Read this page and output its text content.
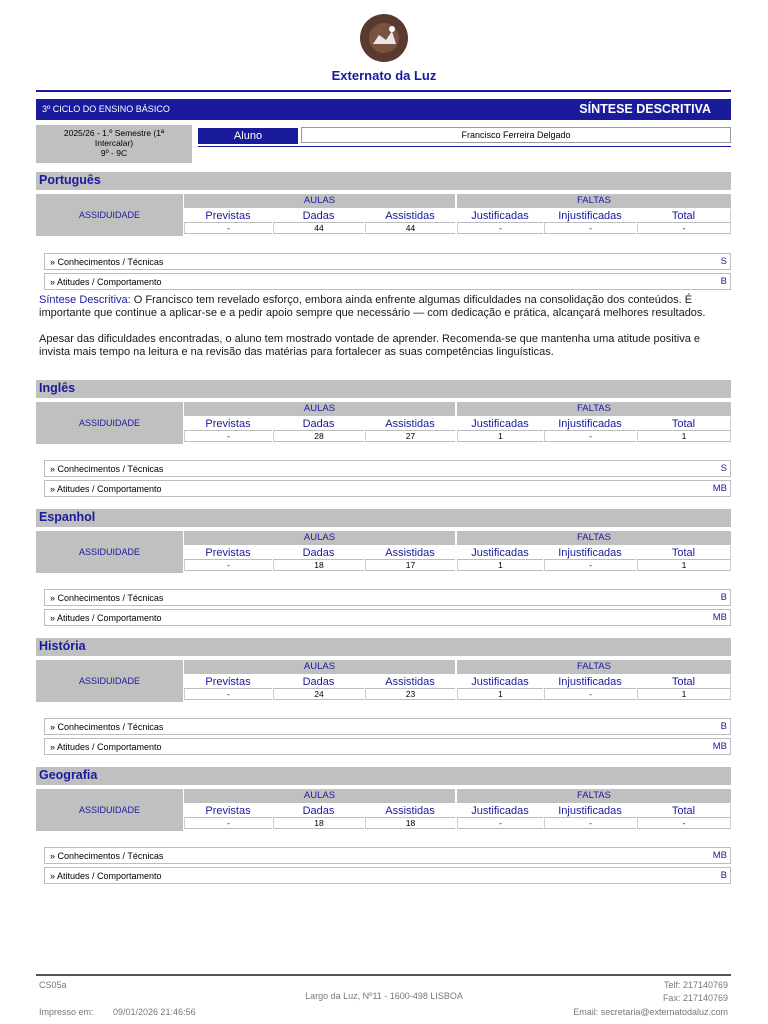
Externato da Luz
3º CICLO DO ENSINO BÁSICO	SÍNTESE DESCRITIVA
2025/26 - 1.º Semestre (1ª
Intercalar)
9º - 9C
Aluno	Francisco Ferreira Delgado
Português
ASSIDUIDADE
AULAS	FALTAS
Previstas	Dadas	Assistidas	Justificadas	Injustificadas	Total
-	44	44	-	-	-
» Conhecimentos / Técnicas	S
» Atitudes / Comportamento	B

Síntese Descritiva: O Francisco tem revelado esforço, embora ainda enfrente algumas dificuldades na consolidação dos conteúdos. É importante que continue a aplicar-se e a pedir apoio sempre que necessário — com dedicação e prática, alcançará melhores resultados.

Apesar das dificuldades encontradas, o aluno tem mostrado vontade de aprender. Recomenda-se que mantenha uma atitude positiva e invista mais tempo na leitura e na revisão das matérias para fortalecer as suas competências linguísticas.

Inglês
ASSIDUIDADE
AULAS	FALTAS
Previstas	Dadas	Assistidas	Justificadas	Injustificadas	Total
-	28	27	1	-	1
» Conhecimentos / Técnicas	S
» Atitudes / Comportamento	MB
Espanhol
ASSIDUIDADE
AULAS	FALTAS
Previstas	Dadas	Assistidas	Justificadas	Injustificadas	Total
-	18	17	1	-	1
» Conhecimentos / Técnicas	B
» Atitudes / Comportamento	MB
História
ASSIDUIDADE
AULAS	FALTAS
Previstas	Dadas	Assistidas	Justificadas	Injustificadas	Total
-	24	23	1	-	1
» Conhecimentos / Técnicas	B
» Atitudes / Comportamento	MB
Geografia
ASSIDUIDADE
AULAS	FALTAS
Previstas	Dadas	Assistidas	Justificadas	Injustificadas	Total
-	18	18	-	-	-
» Conhecimentos / Técnicas	MB
» Atitudes / Comportamento	B
CS05a
Impresso em: 09/01/2026 21:46:56
Largo da Luz, Nº11 - 1600-498 LISBOA
Telf: 217140769
Fax: 217140769
Email: secretaria@externatodaluz.com
